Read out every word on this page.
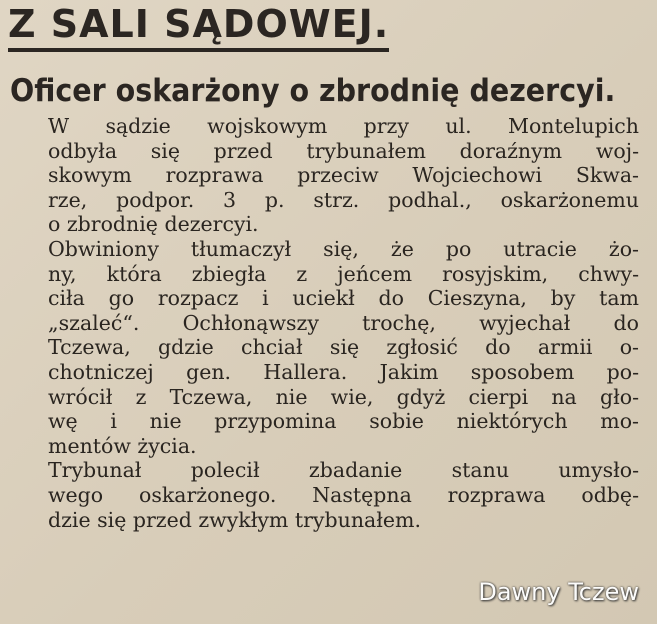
Z SALI SĄDOWEJ.
Oficer oskarżony o zbrodnię dezercyi.

W sądzie wojskowym przy ul. Montelupich
odbyła się przed trybunałem doraźnym woj-
skowym rozprawa przeciw Wojciechowi Skwa-
rze, podpor. 3 p. strz. podhal., oskarżonemu
o zbrodnię dezercyi.

Obwiniony tłumaczył się, że po utracie żo-
ny, która zbiegła z jeńcem rosyjskim, chwy-
ciła go rozpacz i uciekł do Cieszyna, by tam
„szaleć“. Ochłonąwszy trochę, wyjechał do
Tczewa, gdzie chciał się zgłosić do armii o-
chotniczej gen. Hallera. Jakim sposobem po-
wrócił z Tczewa, nie wie, gdyż cierpi na gło-
wę i nie przypomina sobie niektórych mo-
mentów życia.

Trybunał polecił zbadanie stanu umysło-
wego oskarżonego. Następna rozprawa odbę-
dzie się przed zwykłym trybunałem.

Dawny Tczew
